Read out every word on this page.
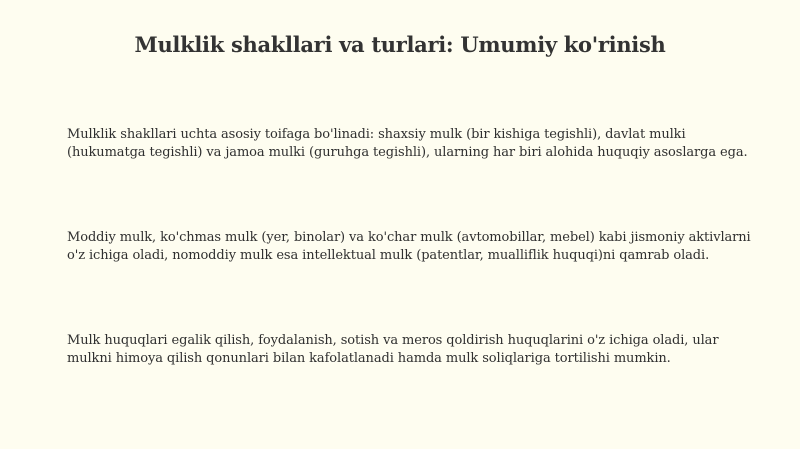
Mulklik shakllari va turlari: Umumiy ko'rinish

Mulklik shakllari uchta asosiy toifaga bo'linadi: shaxsiy mulk (bir kishiga tegishli), davlat mulki (hukumatga tegishli) va jamoa mulki (guruhga tegishli), ularning har biri alohida huquqiy asoslarga ega.

Moddiy mulk, ko'chmas mulk (yer, binolar) va ko'char mulk (avtomobillar, mebel) kabi jismoniy aktivlarni o'z ichiga oladi, nomoddiy mulk esa intellektual mulk (patentlar, mualliflik huquqi)ni qamrab oladi.

Mulk huquqlari egalik qilish, foydalanish, sotish va meros qoldirish huquqlarini o'z ichiga oladi, ular mulkni himoya qilish qonunlari bilan kafolatlanadi hamda mulk soliqlariga tortilishi mumkin.
